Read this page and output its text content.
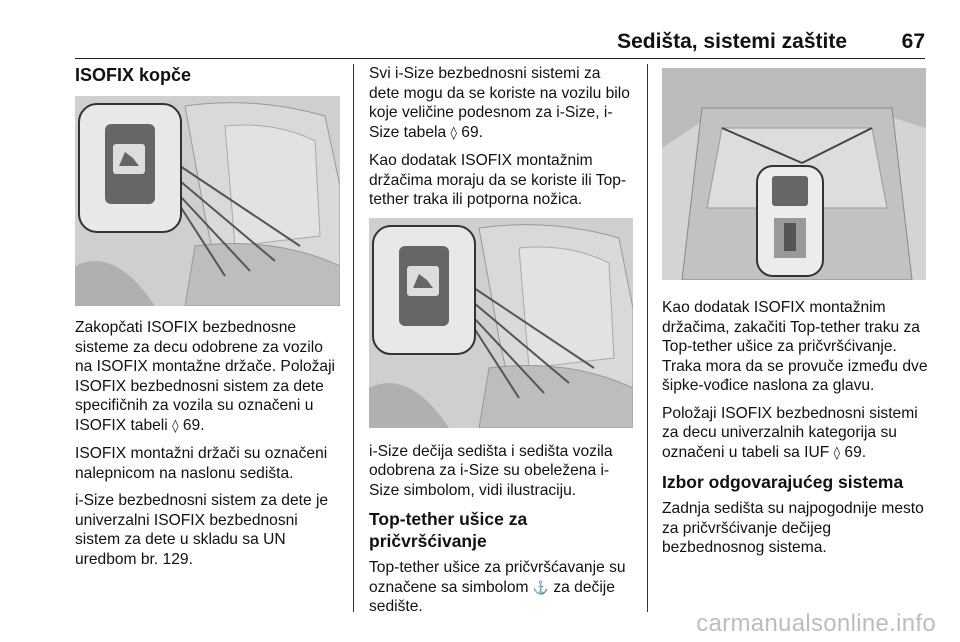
Sedišta, sistemi zaštite	67
ISOFIX kopče

Zakopčati ISOFIX bezbednosne sisteme za decu odobrene za vozilo na ISOFIX montažne držače. Položaji ISOFIX bezbednosni sistem za dete specifičnih za vozila su označeni u ISOFIX tabeli ◊ 69.

ISOFIX montažni držači su označeni nalepnicom na naslonu sedišta.

i-Size bezbednosni sistem za dete je univerzalni ISOFIX bezbednosni sistem za dete u skladu sa UN uredbom br. 129.

Svi i-Size bezbednosni sistemi za dete mogu da se koriste na vozilu bilo koje veličine podesnom za i-Size, i-Size tabela ◊ 69.

Kao dodatak ISOFIX montažnim držačima moraju da se koriste ili Top-tether traka ili potporna nožica.

i-Size dečija sedišta i sedišta vozila odobrena za i-Size su obeležena i-Size simbolom, vidi ilustraciju.

Top-tether ušice za pričvršćivanje

Top-tether ušice za pričvršćavanje su označene sa simbolom ⚓ za dečije sedište.

Kao dodatak ISOFIX montažnim držačima, zakačiti Top-tether traku za Top-tether ušice za pričvršćivanje. Traka mora da se provuče između dve šipke-vođice naslona za glavu.

Položaji ISOFIX bezbednosni sistemi za decu univerzalnih kategorija su označeni u tabeli sa IUF ◊ 69.

Izbor odgovarajućeg sistema

Zadnja sedišta su najpogodnije mesto za pričvršćivanje dečijeg bezbednosnog sistema.

carmanualsonline.info
